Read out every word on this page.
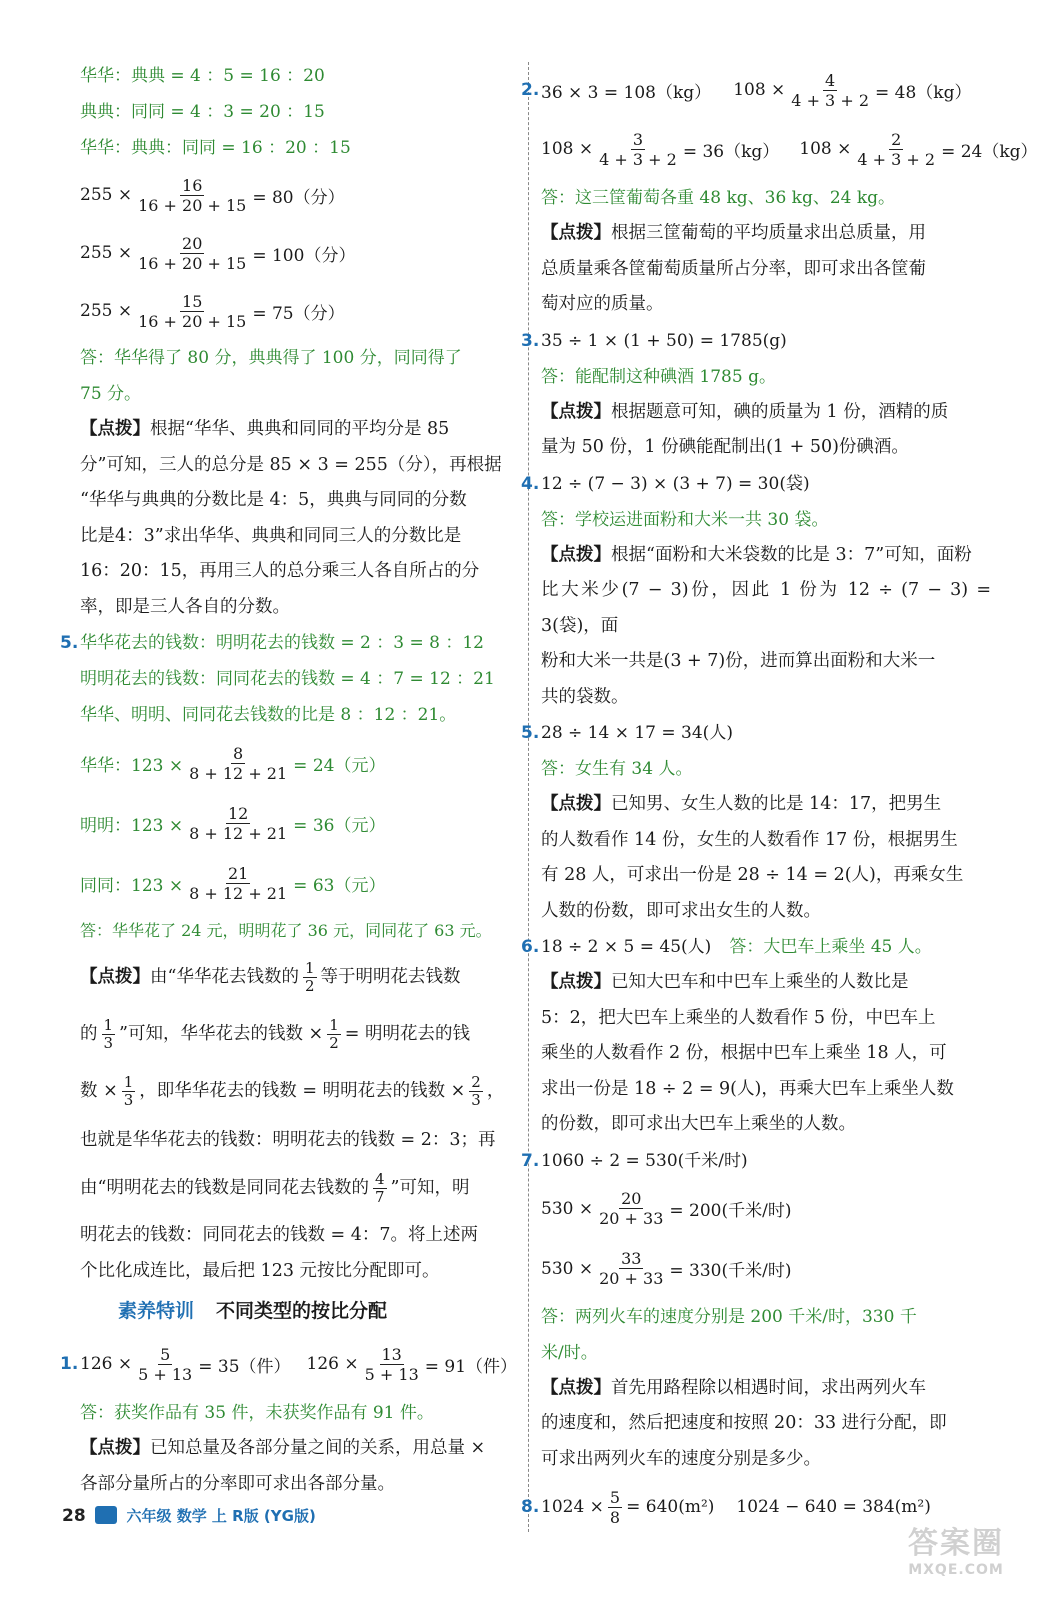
华华：典典 = 4 ：5 = 16 ：20
典典：同同 = 4 ：3 = 20 ：15
华华：典典：同同 = 16 ：20 ：15
$255 \times \frac{16}{16 + 20 + 15} = 80$（分）
$255 \times \frac{20}{16 + 20 + 15} = 100$（分）
$255 \times \frac{15}{16 + 20 + 15} = 75$（分）
答：华华得了 80 分，典典得了 100 分，同同得了
75 分。
【点拨】根据“华华、典典和同同的平均分是 85
分”可知，三人的总分是 85 × 3 = 255（分），再根据
“华华与典典的分数比是 4：5，典典与同同的分数
比是4：3”求出华华、典典和同同三人的分数比是
16：20：15，再用三人的总分乘三人各自所占的分
率，即是三人各自的分数。
5. 华华花去的钱数：明明花去的钱数 = 2 ：3 = 8 ：12
明明花去的钱数：同同花去的钱数 = 4 ：7 = 12 ：21
华华、明明、同同花去钱数的比是 8 ：12 ：21。
华华：$123 \times \frac{8}{8 + 12 + 21} = 24$（元）
明明：$123 \times \frac{12}{8 + 12 + 21} = 36$（元）
同同：$123 \times \frac{21}{8 + 12 + 21} = 63$（元）
答：华华花了 24 元，明明花了 36 元，同同花了 63 元。
【点拨】 由“华华花去钱数的 $\frac{1}{2}$ 等于明明花去钱数
的 $\frac{1}{3}$ ”可知，华华花去的钱数 × $\frac{1}{2}$ = 明明花去的钱
数 × $\frac{1}{3}$ ，即华华花去的钱数 = 明明花去的钱数 × $\frac{2}{3}$ ，
也就是华华花去的钱数：明明花去的钱数 = 2：3；再
由“明明花去的钱数是同同花去钱数的 $\frac{4}{7}$ ”可知，明
明花去的钱数：同同花去的钱数 = 4：7。将上述两
个比化成连比，最后把 123 元按比分配即可。
素养特训 不同类型的按比分配
1. $126 \times \frac{5}{5 + 13} = 35$（件） $126 \times \frac{13}{5 + 13} = 91$（件）
答：获奖作品有 35 件，未获奖作品有 91 件。
【点拨】已知总量及各部分量之间的关系，用总量 ×
各部分量所占的分率即可求出各部分量。
2. 36 × 3 = 108（kg） $108 \times \frac{4}{4 + 3 + 2} = 48(kg)$
$108 \times \frac{3}{4 + 3 + 2} = 36(kg) 108 \times \frac{2}{4 + 3 + 2} = 24(kg)$
答：这三筐葡萄各重 48 kg、36 kg、24 kg。
【点拨】根据三筐葡萄的平均质量求出总质量，用
总质量乘各筐葡萄质量所占分率，即可求出各筐葡
萄对应的质量。
3. 35 ÷ 1 × (1 + 50) = 1785(g)
答：能配制这种碘酒 1785 g。
【点拨】根据题意可知，碘的质量为 1 份，酒精的质
量为 50 份，1 份碘能配制出(1 + 50)份碘酒。
4. 12 ÷ (7 − 3) × (3 + 7) = 30(袋)
答：学校运进面粉和大米一共 30 袋。
【点拨】根据“面粉和大米袋数的比是 3：7”可知，面粉
比大米少(7 − 3)份，因此 1 份为 12 ÷ (7 − 3) = 3(袋)，面
粉和大米一共是(3 + 7)份，进而算出面粉和大米一
共的袋数。
5. 28 ÷ 14 × 17 = 34(人)
答：女生有 34 人。
【点拨】已知男、女生人数的比是 14：17，把男生
的人数看作 14 份，女生的人数看作 17 份，根据男生
有 28 人，可求出一份是 28 ÷ 14 = 2(人)，再乘女生
人数的份数，即可求出女生的人数。
6. 18 ÷ 2 × 5 = 45(人) 答：大巴车上乘坐 45 人。
【点拨】已知大巴车和中巴车上乘坐的人数比是
5：2，把大巴车上乘坐的人数看作 5 份，中巴车上
乘坐的人数看作 2 份，根据中巴车上乘坐 18 人，可
求出一份是 18 ÷ 2 = 9(人)，再乘大巴车上乘坐人数
的份数，即可求出大巴车上乘坐的人数。
7. 1060 ÷ 2 = 530(千米/时)
$530 \times \frac{20}{20 + 33} = 200$(千米/时)
$530 \times \frac{33}{20 + 33} = 330$(千米/时)
答：两列火车的速度分别是 200 千米/时，330 千
米/时。
【点拨】首先用路程除以相遇时间，求出两列火车
的速度和，然后把速度和按照 20：33 进行分配，即
可求出两列火车的速度分别是多少。
8. $1024 \times \frac{5}{8} = 640(m^2) 1024 - 640 = 384(m^2)$
28	六年级 数学 上 R版 (YG版)
答案圈
MXQE.COM
